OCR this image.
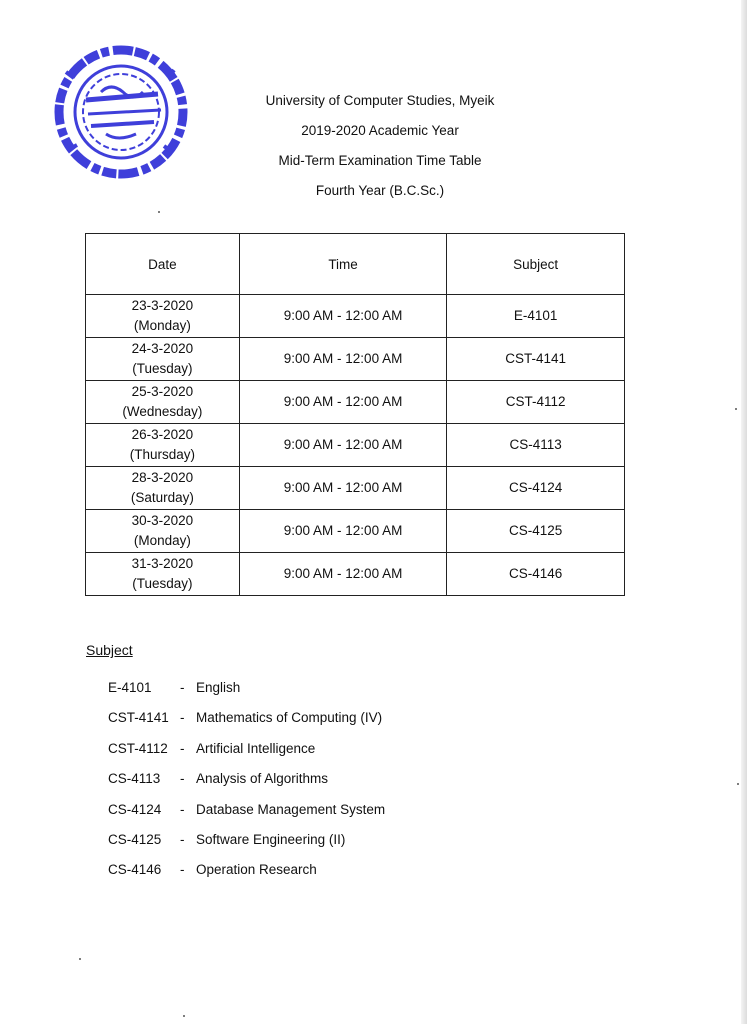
University of Computer Studies, Myeik
2019-2020 Academic Year
Mid-Term Examination Time Table
Fourth Year (B.C.Sc.)
Date	Time	Subject

23-3-2020
(Monday)	9:00 AM - 12:00 AM	E-4101

24-3-2020
(Tuesday)	9:00 AM - 12:00 AM	CST-4141

25-3-2020
(Wednesday)	9:00 AM - 12:00 AM	CST-4112

26-3-2020
(Thursday)	9:00 AM - 12:00 AM	CS-4113

28-3-2020
(Saturday)	9:00 AM - 12:00 AM	CS-4124

30-3-2020
(Monday)	9:00 AM - 12:00 AM	CS-4125

31-3-2020
(Tuesday)	9:00 AM - 12:00 AM	CS-4146
Subject
E-4101	- English
CST-4141 - Mathematics of Computing (IV)
CST-4112 - Artificial Intelligence
CS-4113	- Analysis of Algorithms
CS-4124	- Database Management System
CS-4125	- Software Engineering (II)
CS-4146	- Operation Research
